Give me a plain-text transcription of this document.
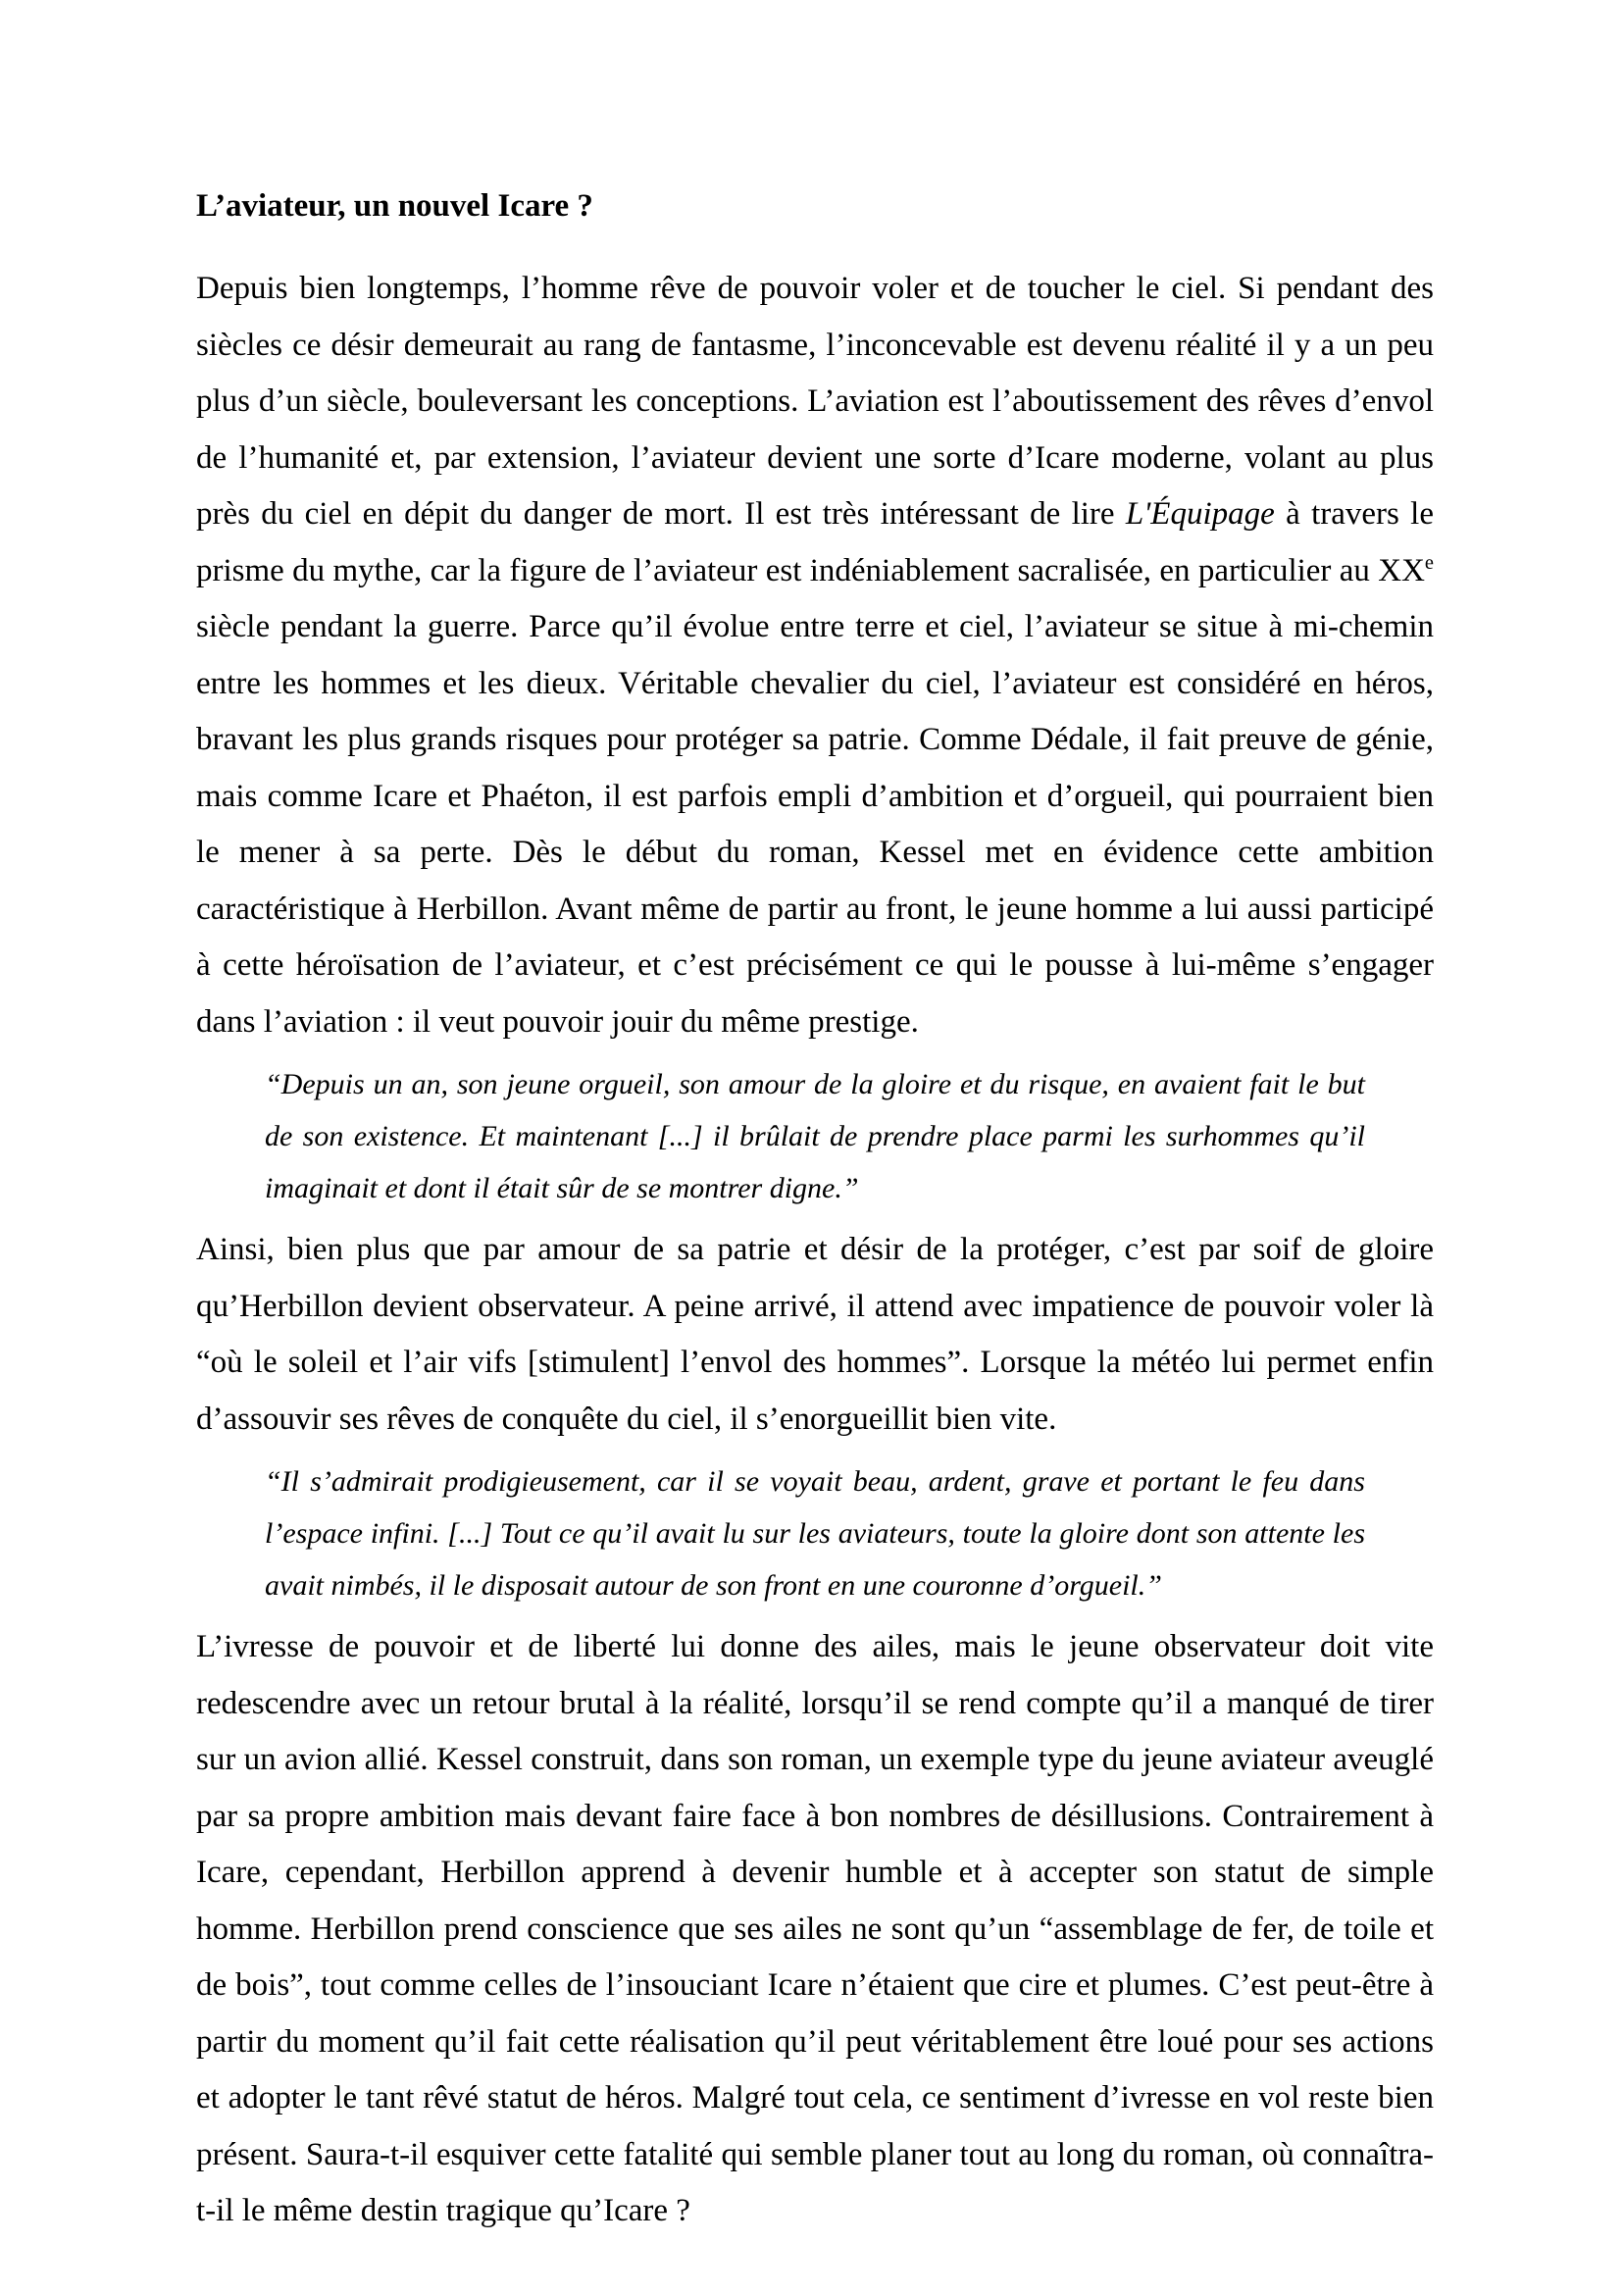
L’aviateur, un nouvel Icare ?

Depuis bien longtemps, l’homme rêve de pouvoir voler et de toucher le ciel. Si pendant des siècles ce désir demeurait au rang de fantasme, l’inconcevable est devenu réalité il y a un peu plus d’un siècle, bouleversant les conceptions. L’aviation est l’aboutissement des rêves d’envol de l’humanité et, par extension, l’aviateur devient une sorte d’Icare moderne, volant au plus près du ciel en dépit du danger de mort. Il est très intéressant de lire L'Équipage à travers le prisme du mythe, car la figure de l’aviateur est indéniablement sacralisée, en particulier au XXe siècle pendant la guerre. Parce qu’il évolue entre terre et ciel, l’aviateur se situe à mi-chemin entre les hommes et les dieux. Véritable chevalier du ciel, l’aviateur est considéré en héros, bravant les plus grands risques pour protéger sa patrie. Comme Dédale, il fait preuve de génie, mais comme Icare et Phaéton, il est parfois empli d’ambition et d’orgueil, qui pourraient bien le mener à sa perte. Dès le début du roman, Kessel met en évidence cette ambition caractéristique à Herbillon. Avant même de partir au front, le jeune homme a lui aussi participé à cette héroïsation de l’aviateur, et c’est précisément ce qui le pousse à lui-même s’engager dans l’aviation : il veut pouvoir jouir du même prestige.

“Depuis un an, son jeune orgueil, son amour de la gloire et du risque, en avaient fait le but de son existence. Et maintenant [...] il brûlait de prendre place parmi les surhommes qu’il imaginait et dont il était sûr de se montrer digne.”

Ainsi, bien plus que par amour de sa patrie et désir de la protéger, c’est par soif de gloire qu’Herbillon devient observateur. A peine arrivé, il attend avec impatience de pouvoir voler là “où le soleil et l’air vifs [stimulent] l’envol des hommes”. Lorsque la météo lui permet enfin d’assouvir ses rêves de conquête du ciel, il s’enorgueillit bien vite.

“Il s’admirait prodigieusement, car il se voyait beau, ardent, grave et portant le feu dans l’espace infini. [...] Tout ce qu’il avait lu sur les aviateurs, toute la gloire dont son attente les avait nimbés, il le disposait autour de son front en une couronne d’orgueil.”

L’ivresse de pouvoir et de liberté lui donne des ailes, mais le jeune observateur doit vite redescendre avec un retour brutal à la réalité, lorsqu’il se rend compte qu’il a manqué de tirer sur un avion allié. Kessel construit, dans son roman, un exemple type du jeune aviateur aveuglé par sa propre ambition mais devant faire face à bon nombres de désillusions. Contrairement à Icare, cependant, Herbillon apprend à devenir humble et à accepter son statut de simple homme. Herbillon prend conscience que ses ailes ne sont qu’un “assemblage de fer, de toile et de bois”, tout comme celles de l’insouciant Icare n’étaient que cire et plumes. C’est peut-être à partir du moment qu’il fait cette réalisation qu’il peut véritablement être loué pour ses actions et adopter le tant rêvé statut de héros. Malgré tout cela, ce sentiment d’ivresse en vol reste bien présent. Saura-t-il esquiver cette fatalité qui semble planer tout au long du roman, où connaîtra-t-il le même destin tragique qu’Icare ?
